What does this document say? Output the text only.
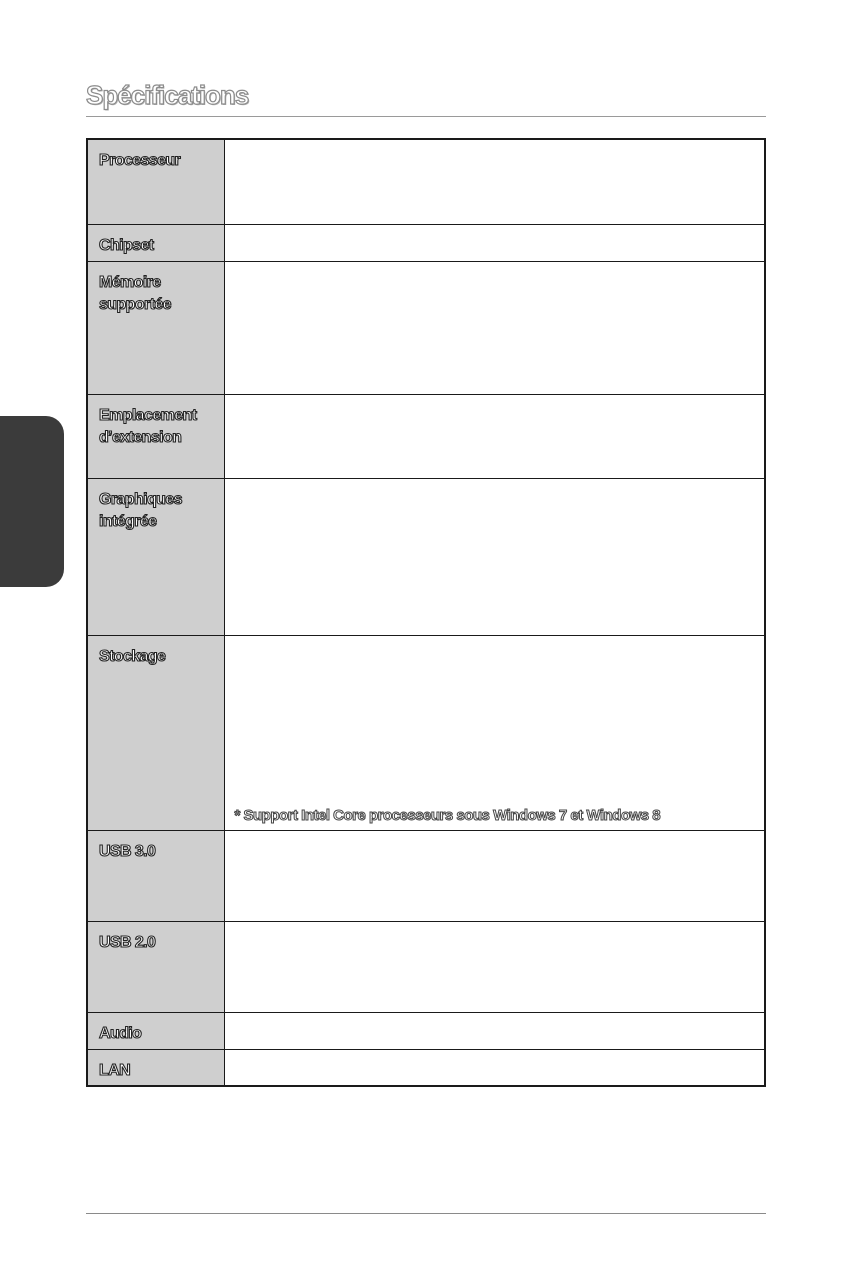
Spécifications
Processeur	

Chipset	

Mémoire
supportée	

Emplacement
d’extension	

Graphiques
intégrée	

Stockage	* Support Intel Core processeurs sous Windows 7 et Windows 8

USB 3.0	

USB 2.0	

Audio	

LAN	
